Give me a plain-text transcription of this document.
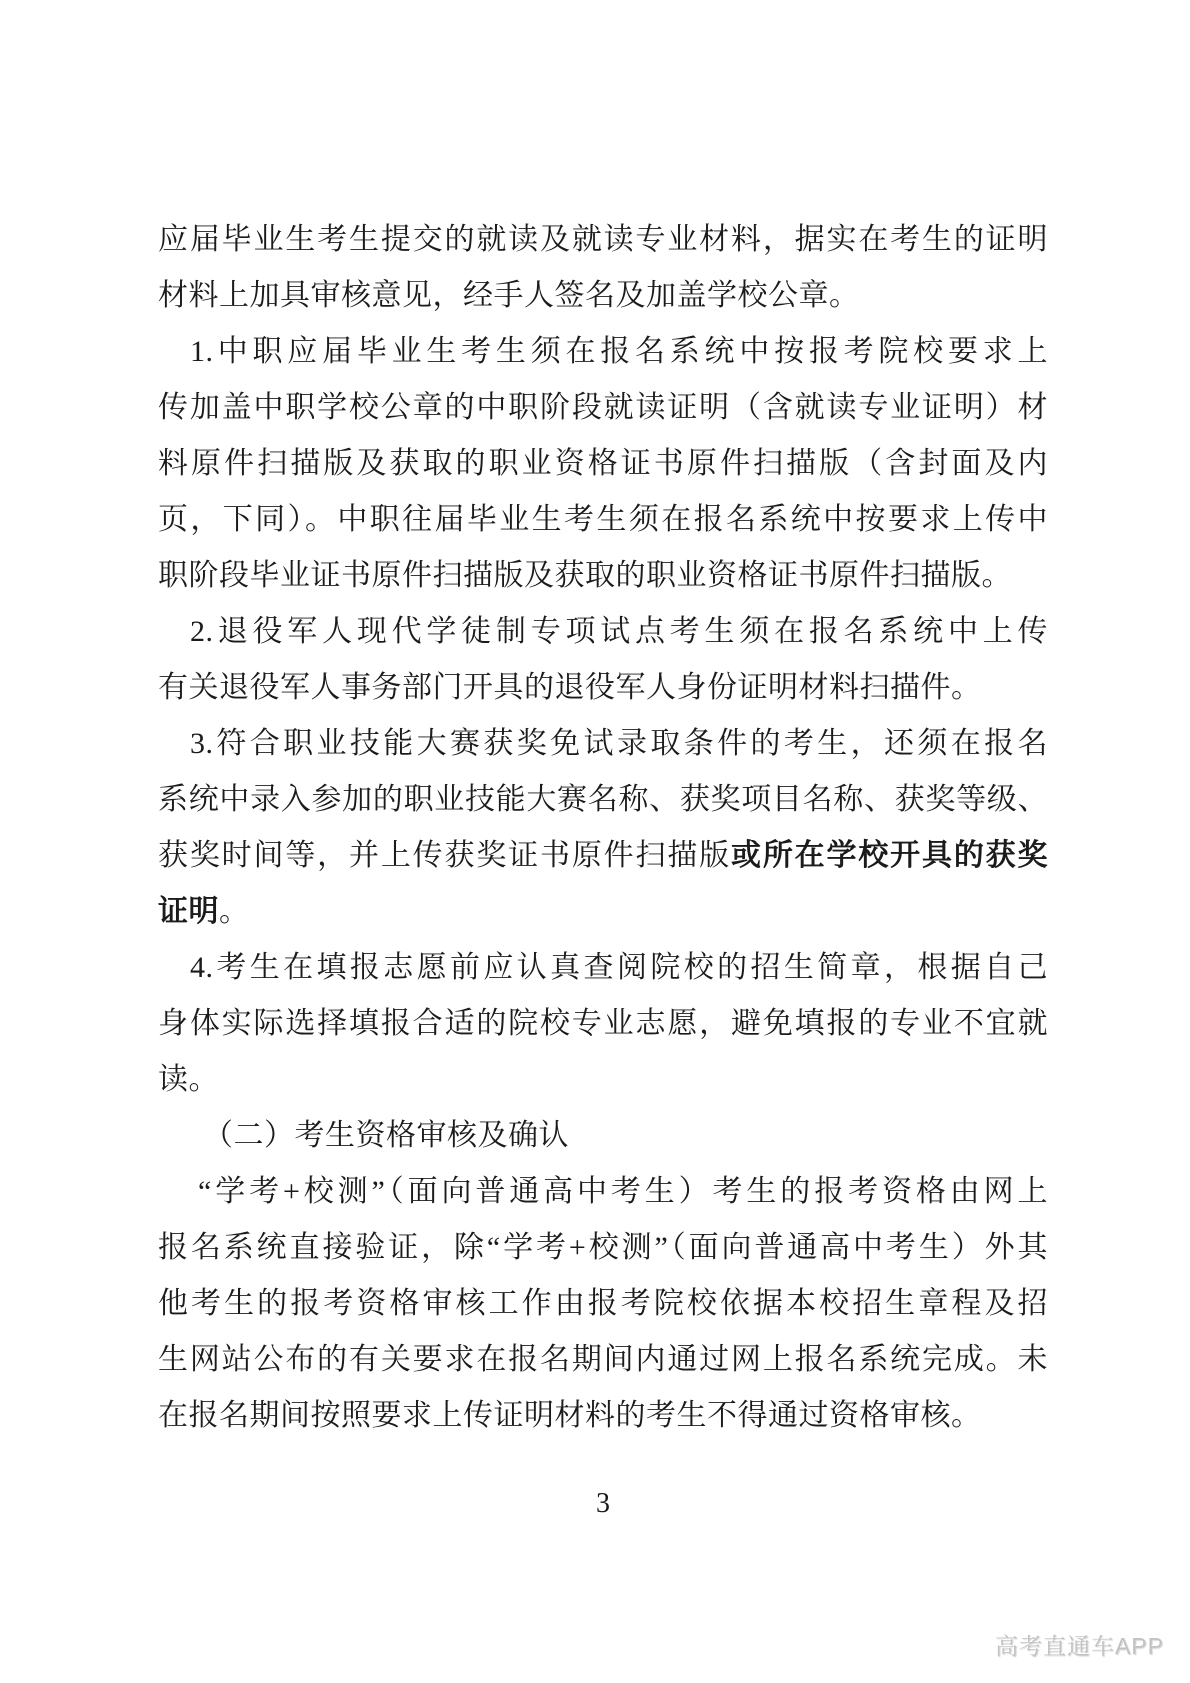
应届毕业生考生提交的就读及就读专业材料，据实在考生的证明
材料上加具审核意见，经手人签名及加盖学校公章。
1.中职应届毕业生考生须在报名系统中按报考院校要求上
传加盖中职学校公章的中职阶段就读证明（含就读专业证明）材
料原件扫描版及获取的职业资格证书原件扫描版（含封面及内
页，下同）。中职往届毕业生考生须在报名系统中按要求上传中
职阶段毕业证书原件扫描版及获取的职业资格证书原件扫描版。
2.退役军人现代学徒制专项试点考生须在报名系统中上传
有关退役军人事务部门开具的退役军人身份证明材料扫描件。
3.符合职业技能大赛获奖免试录取条件的考生，还须在报名
系统中录入参加的职业技能大赛名称、获奖项目名称、获奖等级、
获奖时间等，并上传获奖证书原件扫描版或所在学校开具的获奖
证明。
4.考生在填报志愿前应认真查阅院校的招生简章，根据自己
身体实际选择填报合适的院校专业志愿，避免填报的专业不宜就
读。
（二）考生资格审核及确认
“学考+校测”（面向普通高中考生）考生的报考资格由网上
报名系统直接验证，除“学考+校测”（面向普通高中考生）外其
他考生的报考资格审核工作由报考院校依据本校招生章程及招
生网站公布的有关要求在报名期间内通过网上报名系统完成。未
在报名期间按照要求上传证明材料的考生不得通过资格审核。
3
高考直通车APP
